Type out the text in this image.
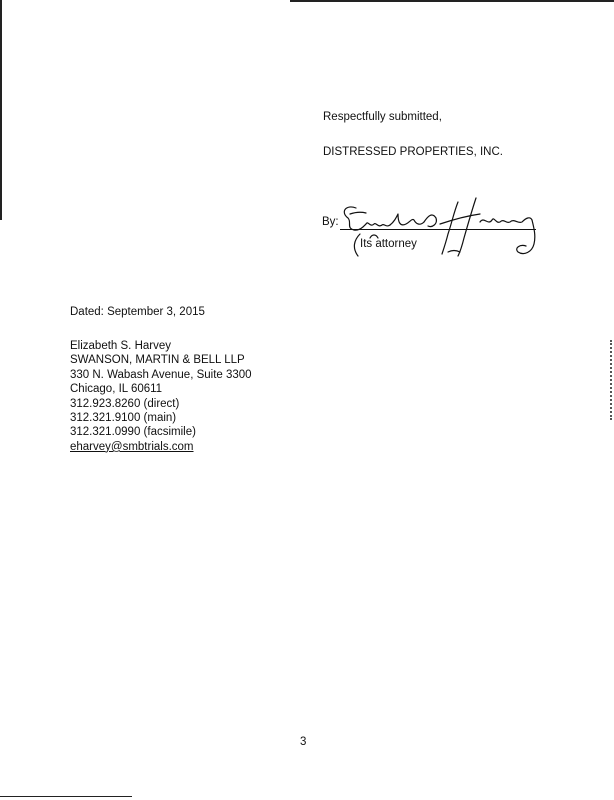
Respectfully submitted,
DISTRESSED PROPERTIES, INC.
By:
Its attorney
Dated: September 3, 2015
Elizabeth S. Harvey
SWANSON, MARTIN & BELL LLP
330 N. Wabash Avenue, Suite 3300
Chicago, IL 60611
312.923.8260 (direct)
312.321.9100 (main)
312.321.0990 (facsimile)
eharvey@smbtrials.com
3
